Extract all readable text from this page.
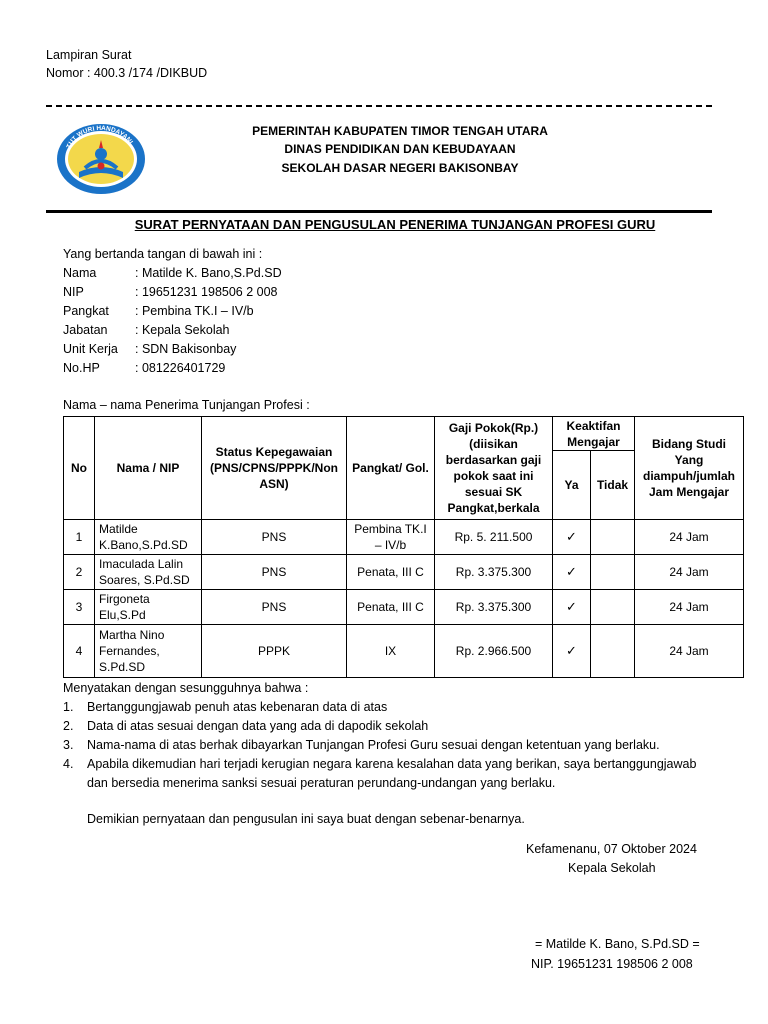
Lampiran Surat
Nomor : 400.3 /174 /DIKBUD
TUT WURI HANDAYANI
PEMERINTAH KABUPATEN TIMOR TENGAH UTARA
DINAS PENDIDIKAN DAN KEBUDAYAAN
SEKOLAH DASAR NEGERI BAKISONBAY
SURAT PERNYATAAN DAN PENGUSULAN PENERIMA TUNJANGAN PROFESI GURU
Yang bertanda tangan di bawah ini :
Nama	: Matilde K. Bano,S.Pd.SD
NIP	: 19651231 198506 2 008
Pangkat : Pembina TK.I – IV/b
Jabatan : Kepala Sekolah
Unit Kerja : SDN Bakisonbay
No.HP	: 081226401729
Nama – nama Penerima Tunjangan Profesi :
No	Nama / NIP	Status Kepegawaian (PNS/CPNS/PPPK/Non ASN)	Pangkat/ Gol.	Gaji Pokok(Rp.) (diisikan berdasarkan gaji pokok saat ini sesuai SK Pangkat,berkala	Keaktifan Mengajar		Bidang Studi Yang diampuh/jumlah Jam Mengajar
					Ya	Tidak	
1	Matilde K.Bano,S.Pd.SD	PNS	Pembina TK.I – IV/b	Rp. 5. 211.500	✓		24 Jam
2	Imaculada Lalin Soares, S.Pd.SD	PNS	Penata, III C	Rp. 3.375.300	✓		24 Jam
3	Firgoneta Elu,S.Pd	PNS	Penata, III C	Rp. 3.375.300	✓		24 Jam
4	Martha Nino Fernandes, S.Pd.SD	PPPK	IX	Rp. 2.966.500	✓		24 Jam
Menyatakan dengan sesungguhnya bahwa :
1. Bertanggungjawab penuh atas kebenaran data di atas
2. Data di atas sesuai dengan data yang ada di dapodik sekolah
3. Nama-nama di atas berhak dibayarkan Tunjangan Profesi Guru sesuai dengan ketentuan yang berlaku.
4. Apabila dikemudian hari terjadi kerugian negara karena kesalahan data yang berikan, saya bertanggungjawab
dan bersedia menerima sanksi sesuai peraturan perundang-undangan yang berlaku.
Demikian pernyataan dan pengusulan ini saya buat dengan sebenar-benarnya.
Kefamenanu, 07 Oktober 2024
Kepala Sekolah
= Matilde K. Bano, S.Pd.SD =
NIP. 19651231 198506 2 008
